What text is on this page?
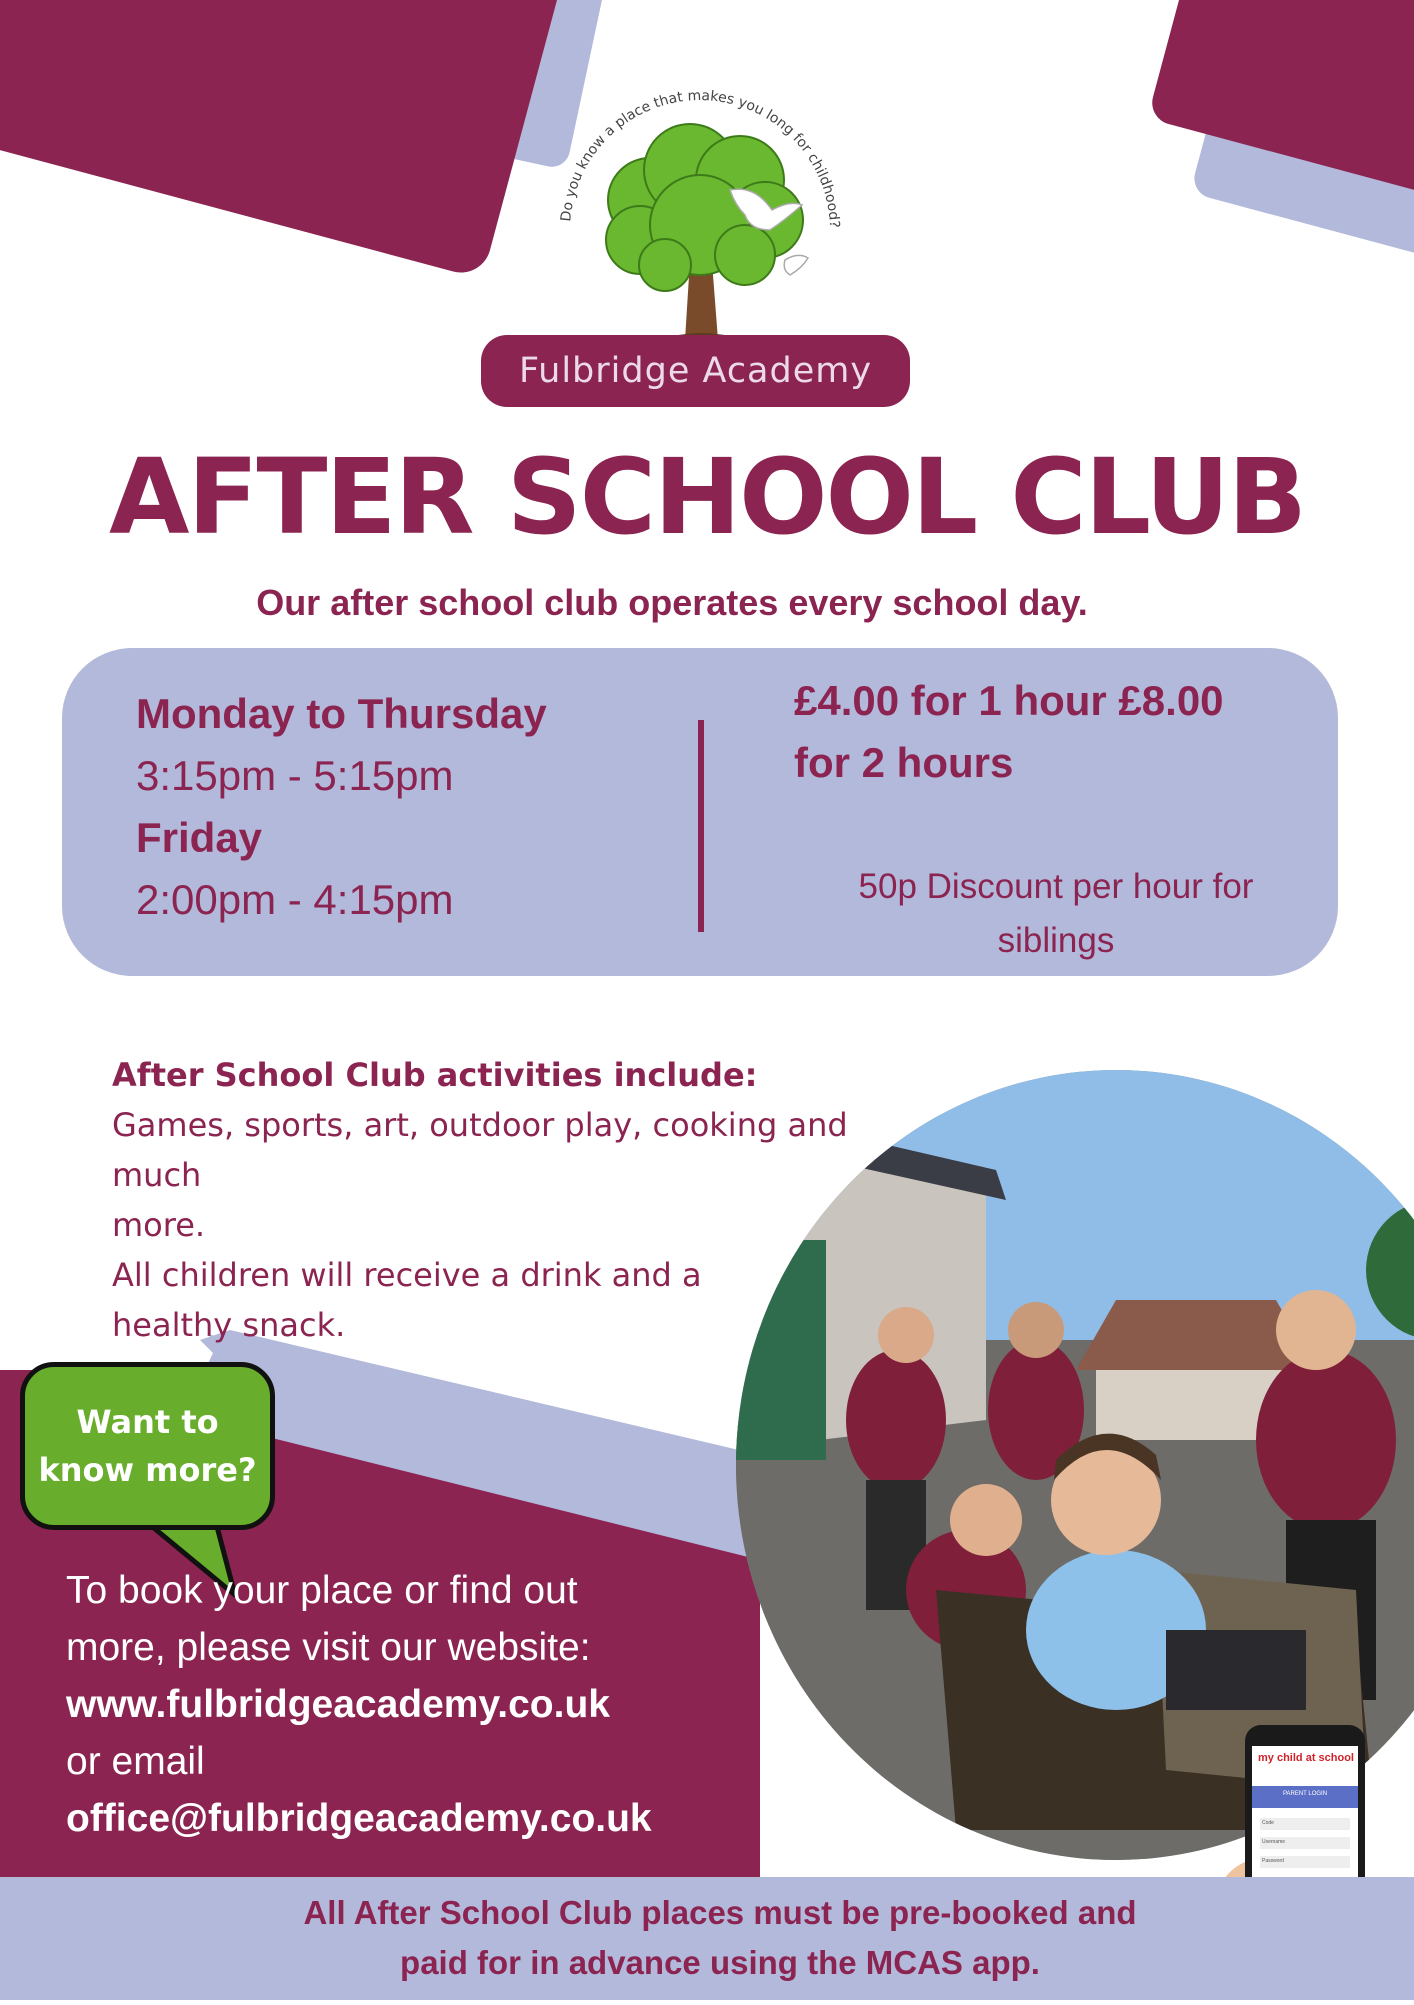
Do you know a place that makes you long for childhood?
Fulbridge Academy
AFTER SCHOOL CLUB
Our after school club operates every school day.
Monday to Thursday
3:15pm - 5:15pm
Friday
2:00pm - 4:15pm
£4.00 for 1 hour £8.00
for 2 hours
50p Discount per hour for
siblings
After School Club activities include:
Games, sports, art, outdoor play, cooking and much
more.
All children will receive a drink and a
healthy snack.
my child at school
PARENT LOGIN
Code
Username
Password
Want to
know more?
To book your place or find out
more, please visit our website:
www.fulbridgeacademy.co.uk
or email
office@fulbridgeacademy.co.uk
All After School Club places must be pre-booked and
paid for in advance using the MCAS app.
